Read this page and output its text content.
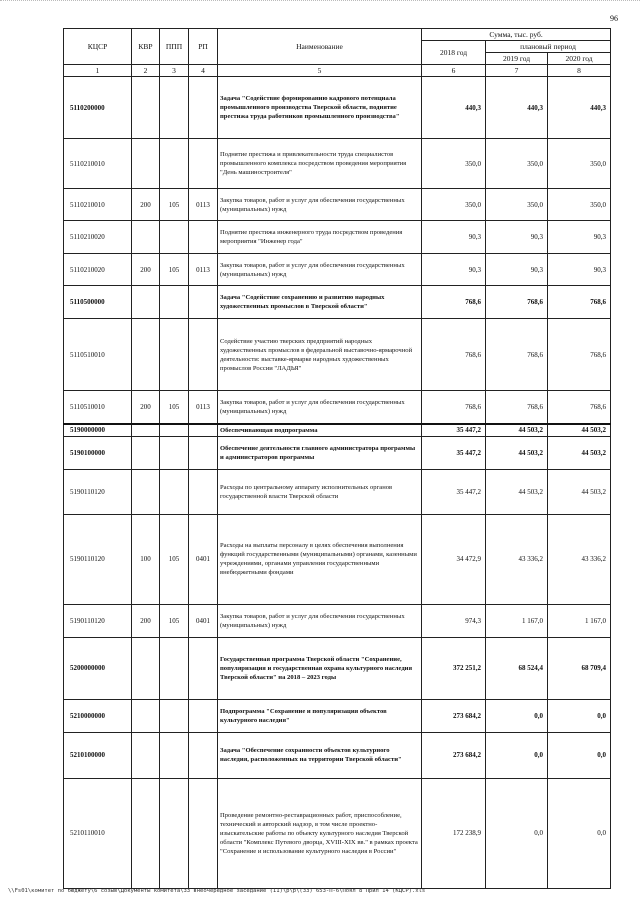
96
КЦСР	КВР	ППП	РП	Наименование	Сумма, тыс. руб.		
					2018 год	плановый период	
						2019 год	2020 год
1	2	3	4	5	6	7	8
5110200000				Задача "Содействие формированию кадрового потенциала промышленного производства Тверской области, поднятие престижа труда работников промышленного производства"	440,3	440,3	440,3
5110210010				Поднятие престижа и привлекательности труда специалистов промышленного комплекса посредством проведения мероприятия "День машиностроителя"	350,0	350,0	350,0
5110210010	200	105	0113	Закупка товаров, работ и услуг для обеспечения государственных (муниципальных) нужд	350,0	350,0	350,0
5110210020				Поднятие престижа инженерного труда посредством проведения мероприятия "Инженер года"	90,3	90,3	90,3
5110210020	200	105	0113	Закупка товаров, работ и услуг для обеспечения государственных (муниципальных) нужд	90,3	90,3	90,3
5110500000				Задача "Содействие сохранению и развитию народных художественных промыслов в Тверской области"	768,6	768,6	768,6
5110510010				Содействие участию тверских предприятий народных художественных промыслов в федеральной выставочно-ярмарочной деятельности: выставке-ярмарке народных художественных промыслов России "ЛАДЬЯ"	768,6	768,6	768,6
5110510010	200	105	0113	Закупка товаров, работ и услуг для обеспечения государственных (муниципальных) нужд	768,6	768,6	768,6
5190000000				Обеспечивающая подпрограмма	35 447,2	44 503,2	44 503,2
5190100000				Обеспечение деятельности главного администратора программы и администраторов программы	35 447,2	44 503,2	44 503,2
5190110120				Расходы по центральному аппарату исполнительных органов государственной власти Тверской области	35 447,2	44 503,2	44 503,2
5190110120	100	105	0401	Расходы на выплаты персоналу в целях обеспечения выполнения функций государственными (муниципальными) органами, казенными учреждениями, органами управления государственными внебюджетными фондами	34 472,9	43 336,2	43 336,2
5190110120	200	105	0401	Закупка товаров, работ и услуг для обеспечения государственных (муниципальных) нужд	974,3	1 167,0	1 167,0
5200000000				Государственная программа Тверской области "Сохранение, популяризация и государственная охрана культурного наследия Тверской области" на 2018 – 2023 годы	372 251,2	68 524,4	68 709,4
5210000000				Подпрограмма "Сохранение и популяризация объектов культурного наследия"	273 684,2	0,0	0,0
5210100000				Задача "Обеспечение сохранности объектов культурного наследия, расположенных на территории Тверской области"	273 684,2	0,0	0,0
5210110010				Проведение ремонтно-реставрационных работ, приспособление, технический и авторский надзор, в том числе проектно-изыскательские работы по объекту культурного наследия Тверской области "Комплекс Путевого дворца, XVIII-XIX вв." в рамках проекта "Сохранение и использование культурного наследия в России"	172 238,9	0,0	0,0
\\Fs01\комитет по бюджету\6 созыв\Документы комитета\33 внеочередное заседание (11)\р\р\(33) 653-П-6\Поял 8 Прил 14 (КЦСР).xls
